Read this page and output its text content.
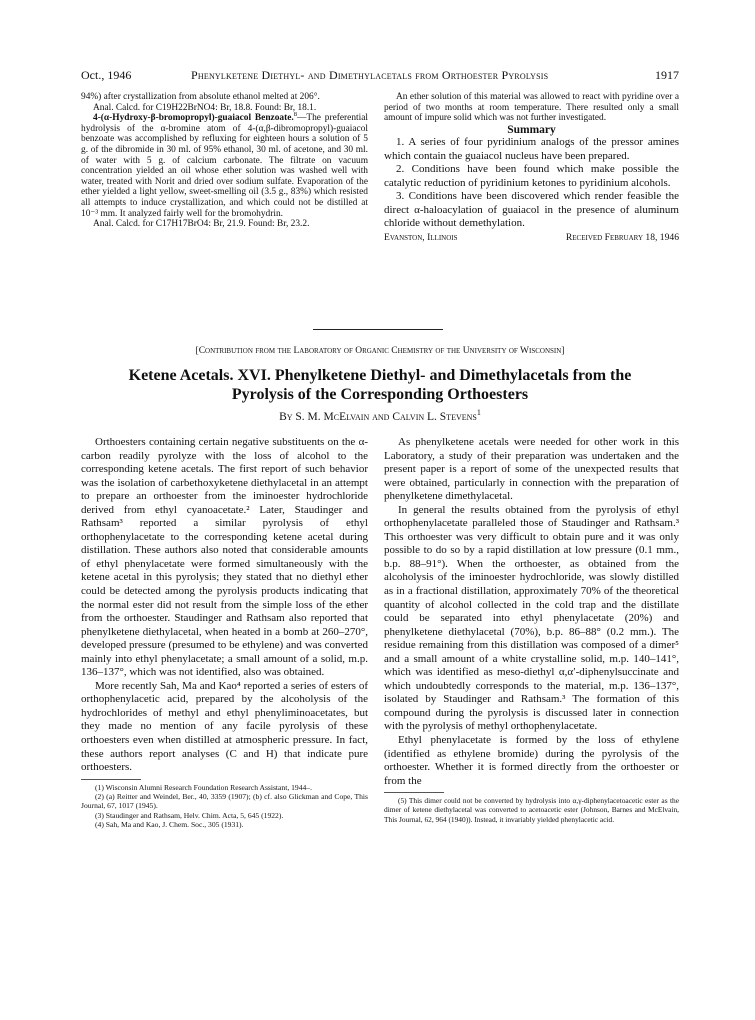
Oct., 1946	Phenylketene Diethyl- and Dimethylacetals from Orthoester Pyrolysis	1917

94%) after crystallization from absolute ethanol melted at 206°.

Anal. Calcd. for C19H22BrNO4: Br, 18.8. Found: Br, 18.1.

4-(α-Hydroxy-β-bromopropyl)-guaiacol Benzoate.$^8$—The preferential hydrolysis of the α-bromine atom of 4-(α,β-dibromopropyl)-guaiacol benzoate was accomplished by refluxing for eighteen hours a solution of 5 g. of the dibromide in 30 ml. of 95% ethanol, 30 ml. of acetone, and 30 ml. of water with 5 g. of calcium carbonate. The filtrate on vacuum concentration yielded an oil whose ether solution was washed well with water, treated with Norit and dried over sodium sulfate. Evaporation of the ether yielded a light yellow, sweet-smelling oil (3.5 g., 83%) which resisted all attempts to induce crystallization, and which could not be distilled at 10⁻³ mm. It analyzed fairly well for the bromohydrin.

Anal. Calcd. for C17H17BrO4: Br, 21.9. Found: Br, 23.2.

An ether solution of this material was allowed to react with pyridine over a period of two months at room temperature. There resulted only a small amount of impure solid which was not further investigated.

Summary

1. A series of four pyridinium analogs of the pressor amines which contain the guaiacol nucleus have been prepared.

2. Conditions have been found which make possible the catalytic reduction of pyridinium ketones to pyridinium alcohols.

3. Conditions have been discovered which render feasible the direct α-haloacylation of guaiacol in the presence of aluminum chloride without demethylation.

Evanston, Illinois	Received February 18, 1946
[Contribution from the Laboratory of Organic Chemistry of the University of Wisconsin]
Ketene Acetals. XVI. Phenylketene Diethyl- and Dimethylacetals from the
Pyrolysis of the Corresponding Orthoesters
By S. M. McElvain and Calvin L. Stevens$^1$

Orthoesters containing certain negative substituents on the α-carbon readily pyrolyze with the loss of alcohol to the corresponding ketene acetals. The first report of such behavior was the isolation of carbethoxyketene diethylacetal in an attempt to prepare an orthoester from the iminoester hydrochloride derived from ethyl cyanoacetate.² Later, Staudinger and Rathsam³ reported a similar pyrolysis of ethyl orthophenylacetate to the corresponding ketene acetal during distillation. These authors also noted that considerable amounts of ethyl phenylacetate were formed simultaneously with the ketene acetal in this pyrolysis; they stated that no diethyl ether could be detected among the pyrolysis products indicating that the normal ester did not result from the simple loss of the ether from the orthoester. Staudinger and Rathsam also reported that phenylketene diethylacetal, when heated in a bomb at 260–270°, developed pressure (presumed to be ethylene) and was converted mainly into ethyl phenylacetate; a small amount of a solid, m.p. 136–137°, which was not identified, also was obtained.

More recently Sah, Ma and Kao⁴ reported a series of esters of orthophenylacetic acid, prepared by the alcoholysis of the hydrochlorides of methyl and ethyl phenyliminoacetates, but they made no mention of any facile pyrolysis of these orthoesters even when distilled at atmospheric pressure. In fact, these authors report analyses (C and H) that indicate pure orthoesters.

(1) Wisconsin Alumni Research Foundation Research Assistant, 1944–.

(2) (a) Reitter and Weindel, Ber., 40, 3359 (1907); (b) cf. also Glickman and Cope, This Journal, 67, 1017 (1945).

(3) Staudinger and Rathsam, Helv. Chim. Acta, 5, 645 (1922).

(4) Sah, Ma and Kao, J. Chem. Soc., 305 (1931).

As phenylketene acetals were needed for other work in this Laboratory, a study of their preparation was undertaken and the present paper is a report of some of the unexpected results that were obtained, particularly in connection with the preparation of phenylketene dimethylacetal.

In general the results obtained from the pyrolysis of ethyl orthophenylacetate paralleled those of Staudinger and Rathsam.³ This orthoester was very difficult to obtain pure and it was only possible to do so by a rapid distillation at low pressure (0.1 mm., b.p. 88–91°). When the orthoester, as obtained from the alcoholysis of the iminoester hydrochloride, was slowly distilled as in a fractional distillation, approximately 70% of the theoretical quantity of alcohol collected in the cold trap and the distillate could be separated into ethyl phenylacetate (20%) and phenylketene diethylacetal (70%), b.p. 86–88° (0.2 mm.). The residue remaining from this distillation was composed of a dimer⁵ and a small amount of a white crystalline solid, m.p. 140–141°, which was identified as meso-diethyl α,α′-diphenylsuccinate and which undoubtedly corresponds to the material, m.p. 136–137°, isolated by Staudinger and Rathsam.³ The formation of this compound during the pyrolysis is discussed later in connection with the pyrolysis of methyl orthophenylacetate.

Ethyl phenylacetate is formed by the loss of ethylene (identified as ethylene bromide) during the pyrolysis of the orthoester. Whether it is formed directly from the orthoester or from the

(5) This dimer could not be converted by hydrolysis into α,γ-diphenylacetoacetic ester as the dimer of ketene diethylacetal was converted to acetoacetic ester (Johnson, Barnes and McElvain, This Journal, 62, 964 (1940)). Instead, it invariably yielded phenylacetic acid.
